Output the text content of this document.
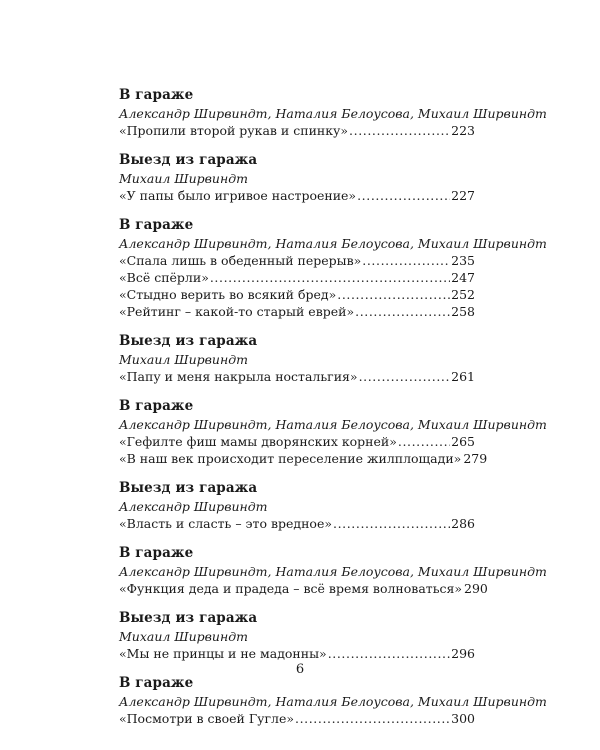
В гараже
Александр Ширвиндт, Наталия Белоусова, Михаил Ширвиндт
«Пропили второй рукав и спинку» .....	223
Выезд из гаража
Михаил Ширвиндт
«У папы было игривое настроение» .....	227
В гараже
Александр Ширвиндт, Наталия Белоусова, Михаил Ширвиндт
«Спала лишь в обеденный перерыв» .....	235
«Всё спёрли» .....	247
«Стыдно верить во всякий бред» .....	252
«Рейтинг – какой-то старый еврей» .....	258
Выезд из гаража
Михаил Ширвиндт
«Папу и меня накрыла ностальгия» .....	261
В гараже
Александр Ширвиндт, Наталия Белоусова, Михаил Ширвиндт
«Гефилте фиш мамы дворянских корней» .....	265
«В наш век происходит переселение жилплощади» 279
Выезд из гаража
Александр Ширвиндт
«Власть и сласть – это вредное» .....	286
В гараже
Александр Ширвиндт, Наталия Белоусова, Михаил Ширвиндт
«Функция деда и прадеда – всё время волноваться» 290
Выезд из гаража
Михаил Ширвиндт
«Мы не принцы и не мадонны» .....	296
В гараже
Александр Ширвиндт, Наталия Белоусова, Михаил Ширвиндт
«Посмотри в своей Гугле» .....	300
6
